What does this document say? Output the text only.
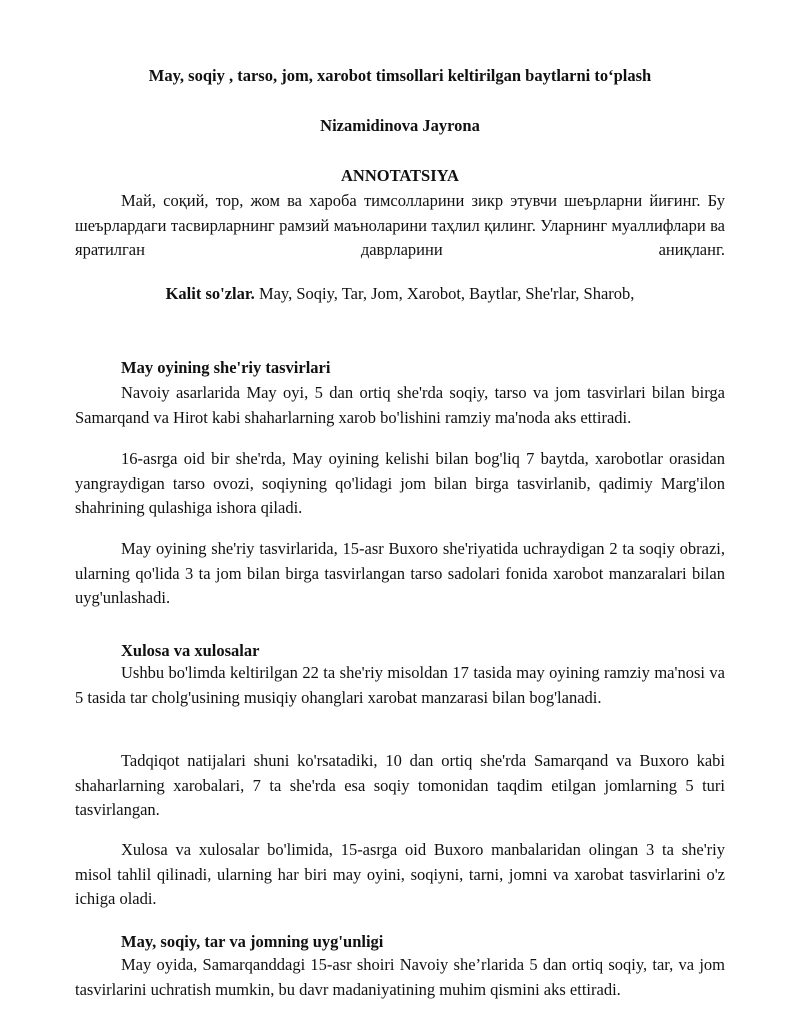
May, soqiy , tarso, jom, xarobot timsollari keltirilgan baytlarni to‘plash
Nizamidinova Jayrona
ANNOTATSIYA
Май, соқий, тор, жом ва хароба тимсолларини зикр этувчи шеърларни йиғинг. Бу шеърлардаги тасвирларнинг рамзий маъноларини таҳлил қилинг. Уларнинг муаллифлари ва яратилган даврларини аниқланг.
Kalit so'zlar. May, Soqiy, Tar, Jom, Xarobot, Baytlar, She'rlar, Sharob,
May oyining she'riy tasvirlari
Navoiy asarlarida May oyi, 5 dan ortiq she'rda soqiy, tarso va jom tasvirlari bilan birga Samarqand va Hirot kabi shaharlarning xarob bo'lishini ramziy ma'noda aks ettiradi.
16-asrga oid bir she'rda, May oyining kelishi bilan bog'liq 7 baytda, xarobotlar orasidan yangraydigan tarso ovozi, soqiyning qo'lidagi jom bilan birga tasvirlanib, qadimiy Marg'ilon shahrining qulashiga ishora qiladi.
May oyining she'riy tasvirlarida, 15-asr Buxoro she'riyatida uchraydigan 2 ta soqiy obrazi, ularning qo'lida 3 ta jom bilan birga tasvirlangan tarso sadolari fonida xarobot manzaralari bilan uyg'unlashadi.
Xulosa va xulosalar
Ushbu bo'limda keltirilgan 22 ta she'riy misoldan 17 tasida may oyining ramziy ma'nosi va 5 tasida tar cholg'usining musiqiy ohanglari xarobat manzarasi bilan bog'lanadi.
Tadqiqot natijalari shuni ko'rsatadiki, 10 dan ortiq she'rda Samarqand va Buxoro kabi shaharlarning xarobalari, 7 ta she'rda esa soqiy tomonidan taqdim etilgan jomlarning 5 turi tasvirlangan.
Xulosa va xulosalar bo'limida, 15-asrga oid Buxoro manbalaridan olingan 3 ta she'riy misol tahlil qilinadi, ularning har biri may oyini, soqiyni, tarni, jomni va xarobat tasvirlarini o'z ichiga oladi.
May, soqiy, tar va jomning uyg'unligi
May oyida, Samarqanddagi 15-asr shoiri Navoiy she’rlarida 5 dan ortiq soqiy, tar, va jom tasvirlarini uchratish mumkin, bu davr madaniyatining muhim qismini aks ettiradi.
